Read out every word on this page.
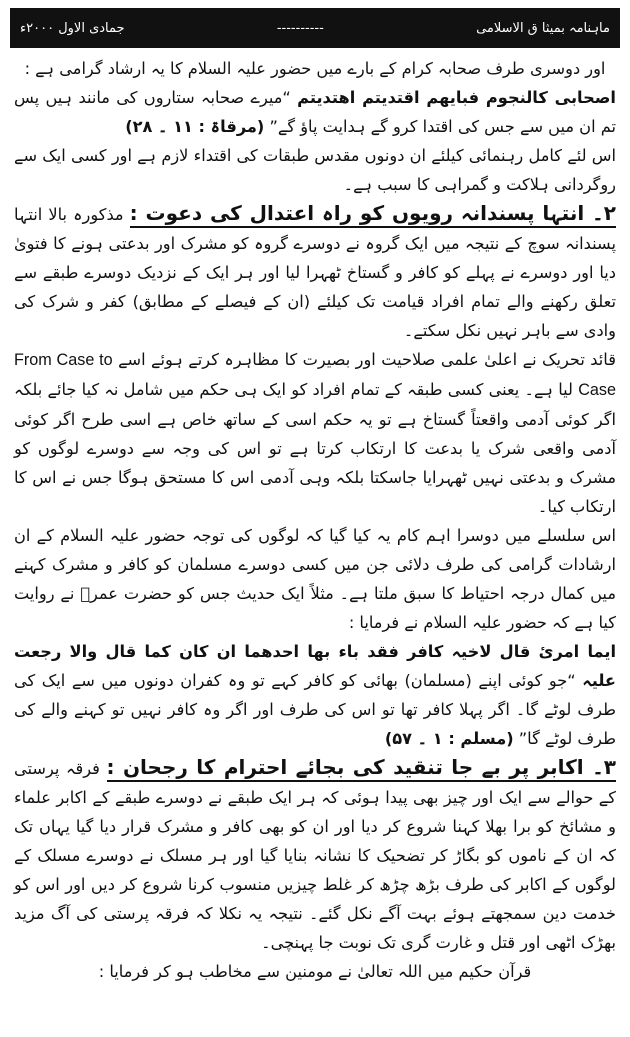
جمادی الاول ۲۰۰۰ء	----------	ماہنامہ بمیثا ق الاسلامی

اور دوسری طرف صحابہ کرام کے بارے میں حضور علیہ السلام کا یہ ارشاد گرامی ہے :

اصحابی کالنجوم فبایھم اقتدیتم اھتدیتم “میرے صحابہ ستاروں کی مانند ہیں پس تم ان میں سے جس کی اقتدا کرو گے ہدایت پاؤ گے” (مرقاۃ : ۱۱ ۔ ۲۸)

اس لئے کامل رہنمائی کیلئے ان دونوں مقدس طبقات کی اقتداء لازم ہے اور کسی ایک سے روگردانی ہلاکت و گمراہی کا سبب ہے۔

۲۔ انتہا پسندانہ رویوں کو راہ اعتدال کی دعوت : مذکورہ بالا انتہا پسندانہ سوچ کے نتیجہ میں ایک گروہ نے دوسرے گروہ کو مشرک اور بدعتی ہونے کا فتویٰ دیا اور دوسرے نے پہلے کو کافر و گستاخ ٹھہرا لیا اور ہر ایک کے نزدیک دوسرے طبقے سے تعلق رکھنے والے تمام افراد قیامت تک کیلئے (ان کے فیصلے کے مطابق) کفر و شرک کی وادی سے باہر نہیں نکل سکتے۔

قائد تحریک نے اعلیٰ علمی صلاحیت اور بصیرت کا مظاہرہ کرتے ہوئے اسے From Case to Case لیا ہے۔ یعنی کسی طبقہ کے تمام افراد کو ایک ہی حکم میں شامل نہ کیا جائے بلکہ اگر کوئی آدمی واقعتاً گستاخ ہے تو یہ حکم اسی کے ساتھ خاص ہے اسی طرح اگر کوئی آدمی واقعی شرک یا بدعت کا ارتکاب کرتا ہے تو اس کی وجہ سے دوسرے لوگوں کو مشرک و بدعتی نہیں ٹھہرایا جاسکتا بلکہ وہی آدمی اس کا مستحق ہوگا جس نے اس کا ارتکاب کیا۔

اس سلسلے میں دوسرا اہم کام یہ کیا گیا کہ لوگوں کی توجہ حضور علیہ السلام کے ان ارشادات گرامی کی طرف دلائی جن میں کسی دوسرے مسلمان کو کافر و مشرک کہنے میں کمال درجہ احتیاط کا سبق ملتا ہے۔ مثلاً ایک حدیث جس کو حضرت عمرؓ نے روایت کیا ہے کہ حضور علیہ السلام نے فرمایا :

ایما امرئ قال لاخیہ کافر فقد باء بھا احدھما ان کان کما قال والا رجعت علیہ “جو کوئی اپنے (مسلمان) بھائی کو کافر کہے تو وہ کفران دونوں میں سے ایک کی طرف لوٹے گا۔ اگر پہلا کافر تھا تو اس کی طرف اور اگر وہ کافر نہیں تو کہنے والے کی طرف لوٹے گا” (مسلم : ۱ ۔ ۵۷)

۳۔ اکابر پر بے جا تنقید کی بجائے احترام کا رجحان : فرقہ پرستی کے حوالے سے ایک اور چیز بھی پیدا ہوئی کہ ہر ایک طبقے نے دوسرے طبقے کے اکابر علماء و مشائخ کو برا بھلا کہنا شروع کر دیا اور ان کو بھی کافر و مشرک قرار دیا گیا یہاں تک کہ ان کے ناموں کو بگاڑ کر تضحیک کا نشانہ بنایا گیا اور ہر مسلک نے دوسرے مسلک کے لوگوں کے اکابر کی طرف بڑھ چڑھ کر غلط چیزیں منسوب کرنا شروع کر دیں اور اس کو خدمت دین سمجھتے ہوئے بہت آگے نکل گئے۔ نتیجہ یہ نکلا کہ فرقہ پرستی کی آگ مزید بھڑک اٹھی اور قتل و غارت گری تک نوبت جا پہنچی۔

قرآن حکیم میں اللہ تعالیٰ نے مومنین سے مخاطب ہو کر فرمایا :
